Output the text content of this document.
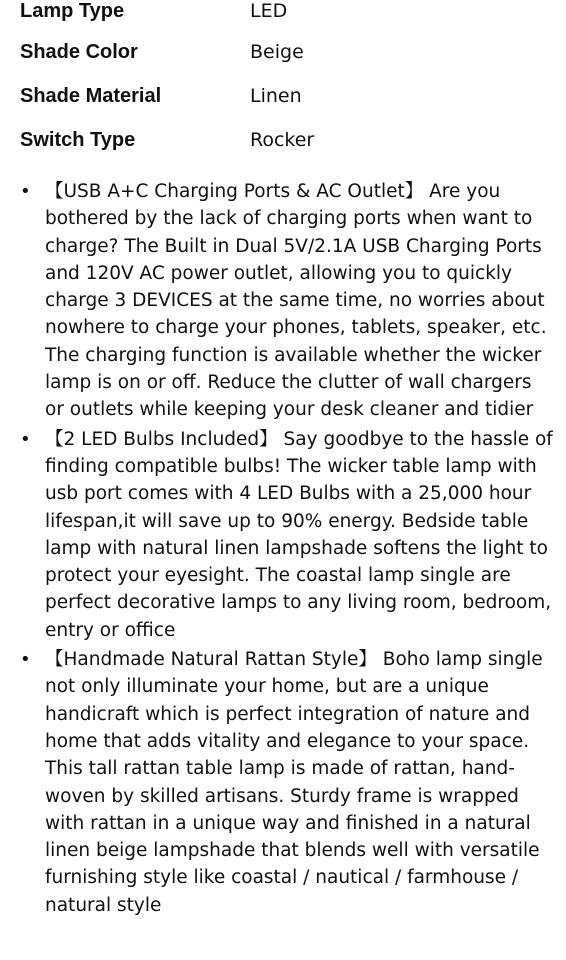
Lamp Type	LED
Shade Color	Beige
Shade Material	Linen
Switch Type	Rocker
• 【USB A+C Charging Ports & AC Outlet】 Are you bothered by the lack of charging ports when want to charge? The Built in Dual 5V/2.1A USB Charging Ports and 120V AC power outlet, allowing you to quickly charge 3 DEVICES at the same time, no worries about nowhere to charge your phones, tablets, speaker, etc. The charging function is available whether the wicker lamp is on or off. Reduce the clutter of wall chargers or outlets while keeping your desk cleaner and tidier
• 【2 LED Bulbs Included】 Say goodbye to the hassle of finding compatible bulbs! The wicker table lamp with usb port comes with 4 LED Bulbs with a 25,000 hour lifespan,it will save up to 90% energy. Bedside table lamp with natural linen lampshade softens the light to protect your eyesight. The coastal lamp single are perfect decorative lamps to any living room, bedroom, entry or office
• 【Handmade Natural Rattan Style】 Boho lamp single not only illuminate your home, but are a unique handicraft which is perfect integration of nature and home that adds vitality and elegance to your space. This tall rattan table lamp is made of rattan, hand-woven by skilled artisans. Sturdy frame is wrapped with rattan in a unique way and finished in a natural linen beige lampshade that blends well with versatile furnishing style like coastal / nautical / farmhouse / natural style
